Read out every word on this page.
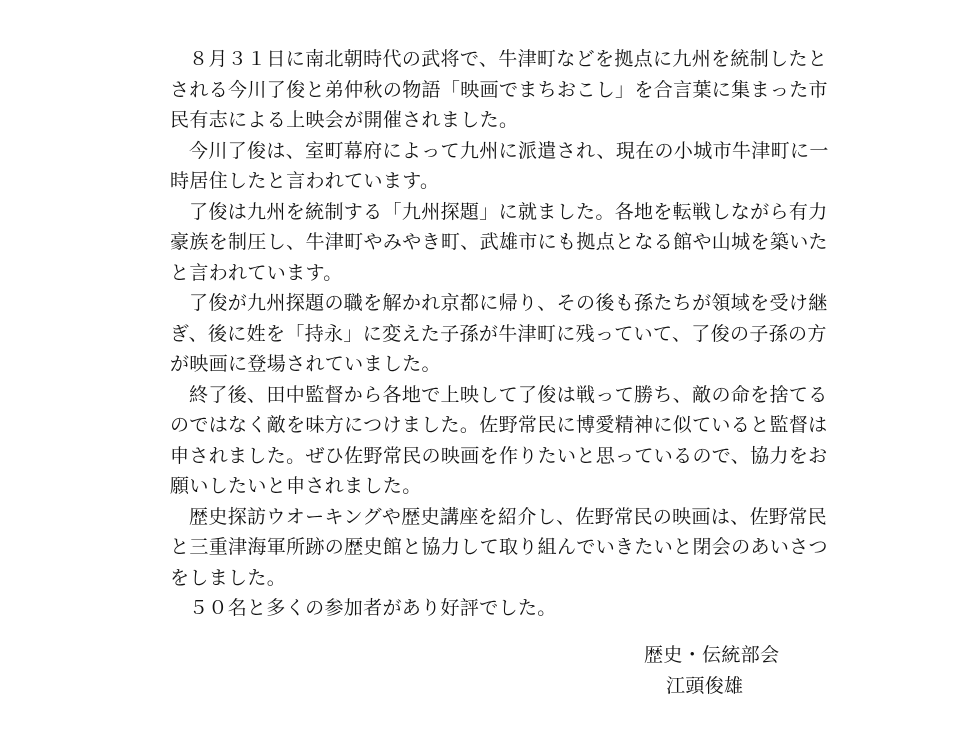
８月３１日に南北朝時代の武将で、牛津町などを拠点に九州を統制したとされる今川了俊と弟仲秋の物語「映画でまちおこし」を合言葉に集まった市民有志による上映会が開催されました。

今川了俊は、室町幕府によって九州に派遣され、現在の小城市牛津町に一時居住したと言われています。

了俊は九州を統制する「九州探題」に就ました。各地を転戦しながら有力豪族を制圧し、牛津町やみやき町、武雄市にも拠点となる館や山城を築いたと言われています。

了俊が九州探題の職を解かれ京都に帰り、その後も孫たちが領域を受け継ぎ、後に姓を「持永」に変えた子孫が牛津町に残っていて、了俊の子孫の方が映画に登場されていました。

終了後、田中監督から各地で上映して了俊は戦って勝ち、敵の命を捨てるのではなく敵を味方につけました。佐野常民に博愛精神に似ていると監督は申されました。ぜひ佐野常民の映画を作りたいと思っているので、協力をお願いしたいと申されました。

歴史探訪ウオーキングや歴史講座を紹介し、佐野常民の映画は、佐野常民と三重津海軍所跡の歴史館と協力して取り組んでいきたいと閉会のあいさつをしました。

５０名と多くの参加者があり好評でした。

歴史・伝統部会

江頭俊雄
